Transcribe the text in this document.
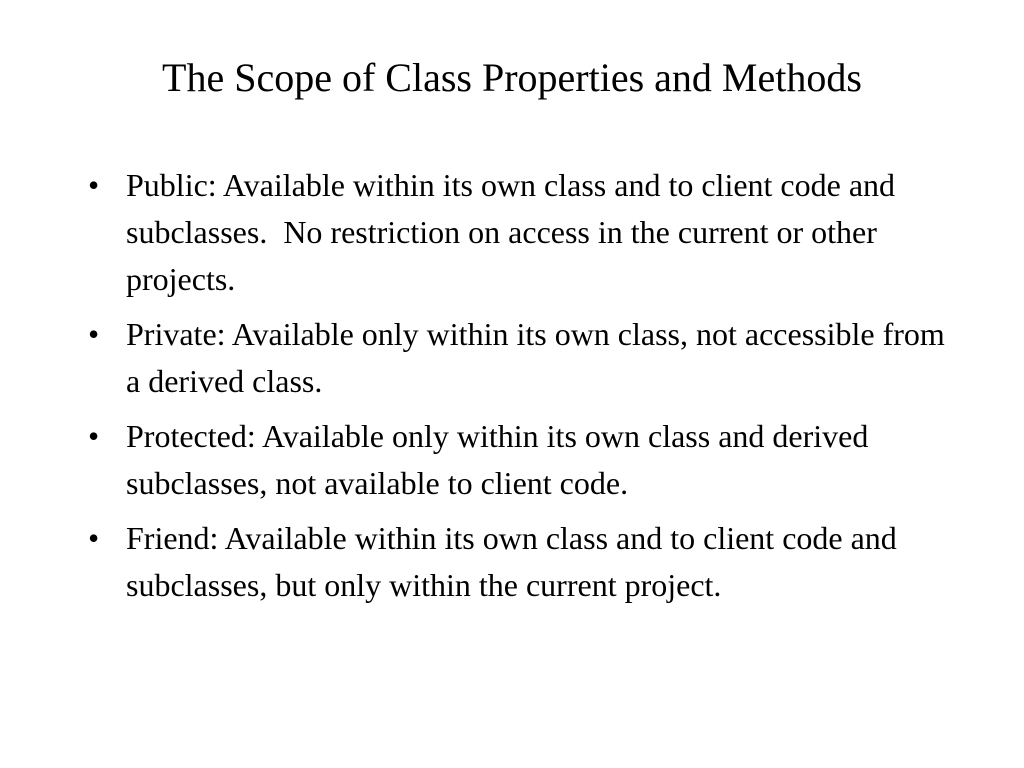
The Scope of Class Properties and Methods
• Public: Available within its own class and to client code and subclasses.  No restriction on access in the current or other projects.
• Private: Available only within its own class, not accessible from a derived class.
• Protected: Available only within its own class and derived subclasses, not available to client code.
• Friend: Available within its own class and to client code and subclasses, but only within the current project.
